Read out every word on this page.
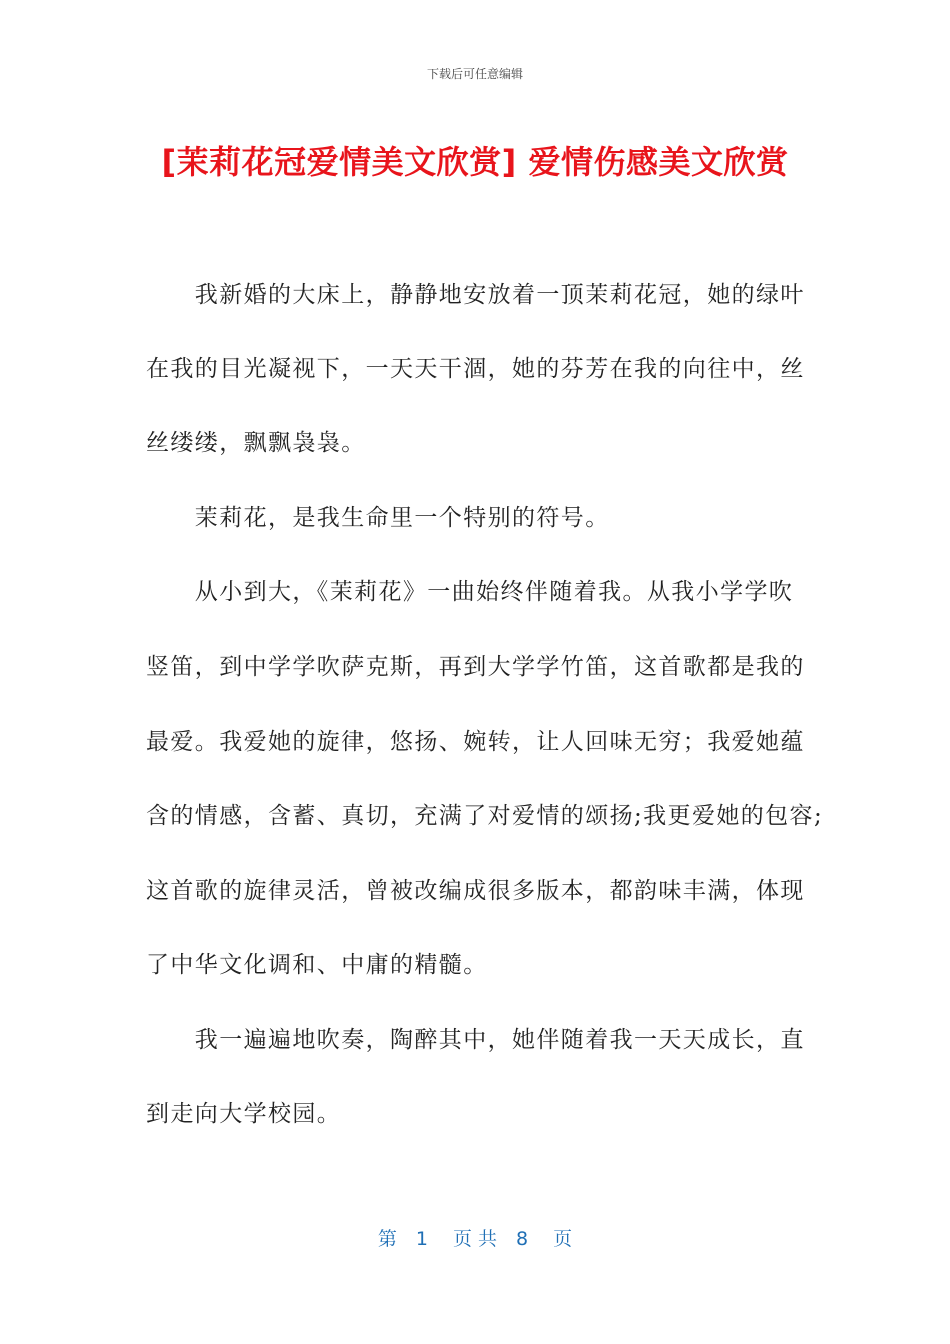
下载后可任意编辑
[茉莉花冠爱情美文欣赏] 爱情伤感美文欣赏
　　我新婚的大床上，静静地安放着一顶茉莉花冠，她的绿叶
在我的目光凝视下，一天天干涸，她的芬芳在我的向往中，丝
丝缕缕，飘飘袅袅。
　　茉莉花，是我生命里一个特别的符号。
　　从小到大，《茉莉花》一曲始终伴随着我。从我小学学吹
竖笛，到中学学吹萨克斯，再到大学学竹笛，这首歌都是我的
最爱。我爱她的旋律，悠扬、婉转，让人回味无穷；我爱她蕴
含的情感，含蓄、真切，充满了对爱情的颂扬;我更爱她的包容;
这首歌的旋律灵活，曾被改编成很多版本，都韵味丰满，体现
了中华文化调和、中庸的精髓。
　　我一遍遍地吹奏，陶醉其中，她伴随着我一天天成长，直
到走向大学校园。
第　1　 页 共　8　 页
